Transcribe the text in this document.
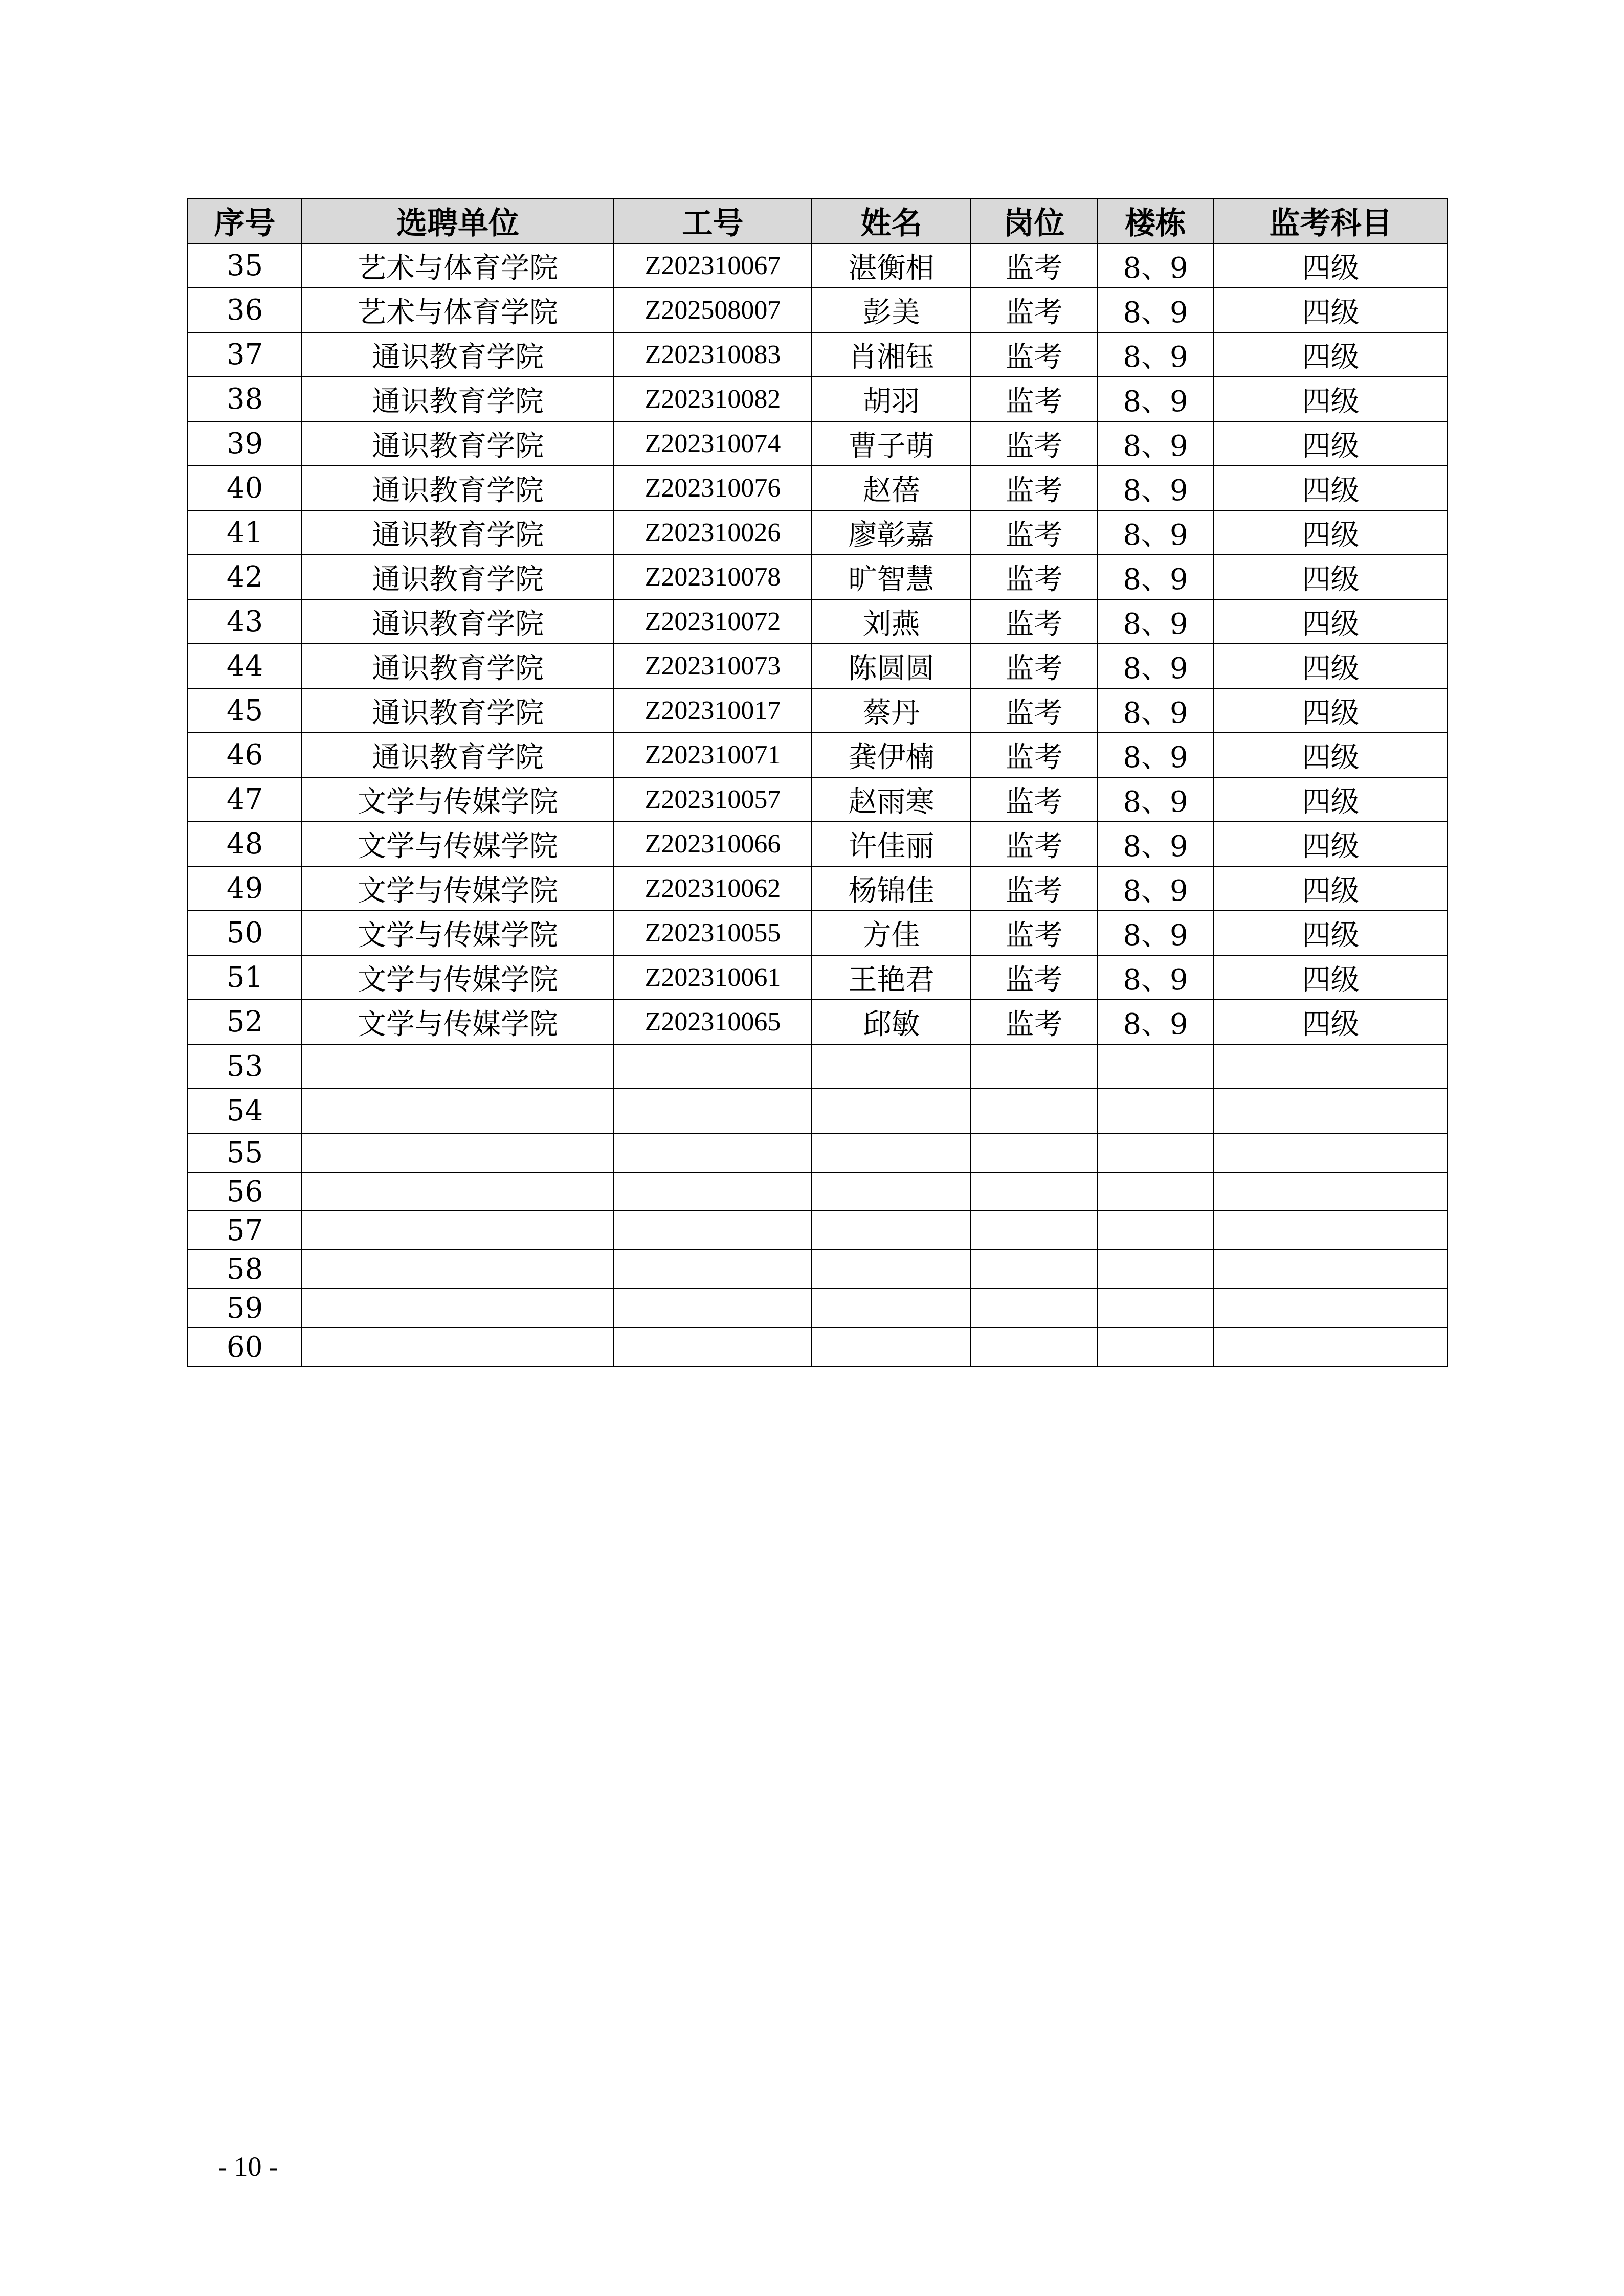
序号	选聘单位	工号	姓名	岗位	楼栋	监考科目
35	艺术与体育学院	Z202310067	湛衡相	监考	8、9	四级
36	艺术与体育学院	Z202508007	彭美	监考	8、9	四级
37	通识教育学院	Z202310083	肖湘钰	监考	8、9	四级
38	通识教育学院	Z202310082	胡羽	监考	8、9	四级
39	通识教育学院	Z202310074	曹子萌	监考	8、9	四级
40	通识教育学院	Z202310076	赵蓓	监考	8、9	四级
41	通识教育学院	Z202310026	廖彰嘉	监考	8、9	四级
42	通识教育学院	Z202310078	旷智慧	监考	8、9	四级
43	通识教育学院	Z202310072	刘燕	监考	8、9	四级
44	通识教育学院	Z202310073	陈圆圆	监考	8、9	四级
45	通识教育学院	Z202310017	蔡丹	监考	8、9	四级
46	通识教育学院	Z202310071	龚伊楠	监考	8、9	四级
47	文学与传媒学院	Z202310057	赵雨寒	监考	8、9	四级
48	文学与传媒学院	Z202310066	许佳丽	监考	8、9	四级
49	文学与传媒学院	Z202310062	杨锦佳	监考	8、9	四级
50	文学与传媒学院	Z202310055	方佳	监考	8、9	四级
51	文学与传媒学院	Z202310061	王艳君	监考	8、9	四级
52	文学与传媒学院	Z202310065	邱敏	监考	8、9	四级
53						
54						
55						
56						
57						
58						
59						
60						
- 10 -
